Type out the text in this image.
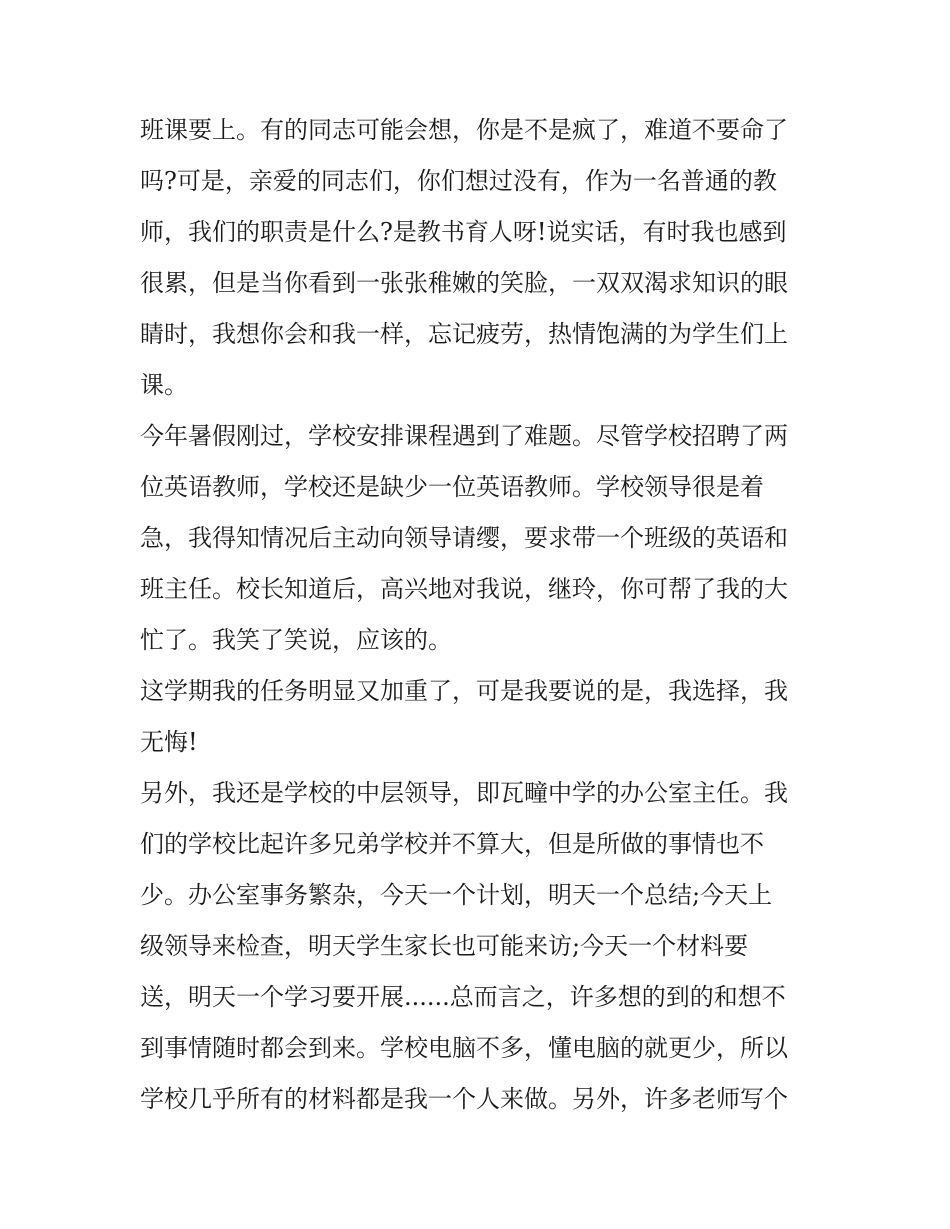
班课要上。有的同志可能会想，你是不是疯了，难道不要命了
吗?可是，亲爱的同志们，你们想过没有，作为一名普通的教
师，我们的职责是什么?是教书育人呀!说实话，有时我也感到
很累，但是当你看到一张张稚嫩的笑脸，一双双渴求知识的眼
睛时，我想你会和我一样，忘记疲劳，热情饱满的为学生们上
课。
今年暑假刚过，学校安排课程遇到了难题。尽管学校招聘了两
位英语教师，学校还是缺少一位英语教师。学校领导很是着
急，我得知情况后主动向领导请缨，要求带一个班级的英语和
班主任。校长知道后，高兴地对我说，继玲，你可帮了我的大
忙了。我笑了笑说，应该的。
这学期我的任务明显又加重了，可是我要说的是，我选择，我
无悔!
另外，我还是学校的中层领导，即瓦疃中学的办公室主任。我
们的学校比起许多兄弟学校并不算大，但是所做的事情也不
少。办公室事务繁杂，今天一个计划，明天一个总结;今天上
级领导来检查，明天学生家长也可能来访;今天一个材料要
送，明天一个学习要开展......总而言之，许多想的到的和想不
到事情随时都会到来。学校电脑不多，懂电脑的就更少，所以
学校几乎所有的材料都是我一个人来做。另外，许多老师写个
